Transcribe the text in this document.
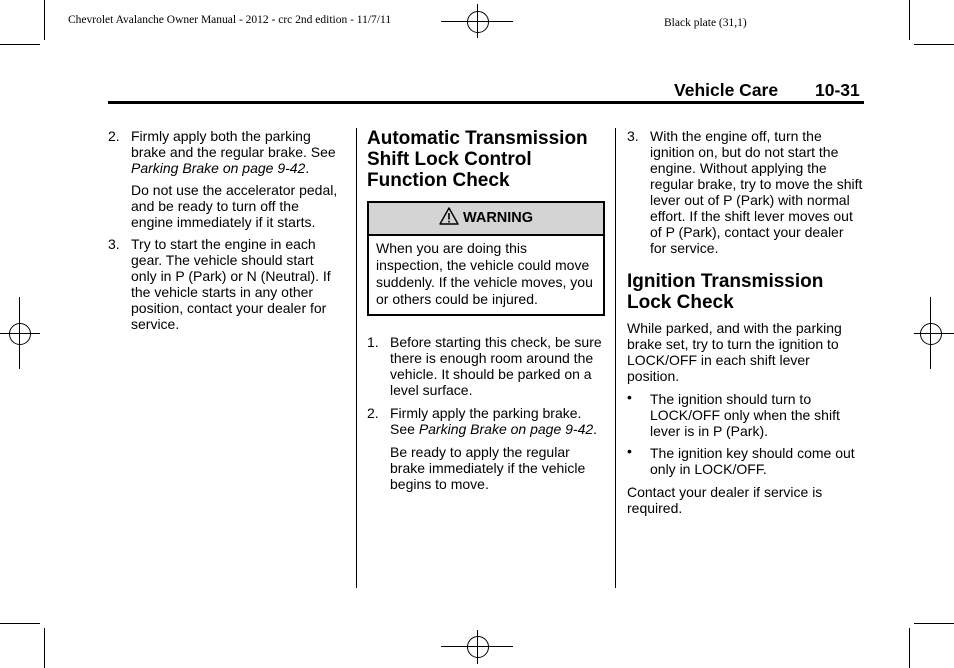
Chevrolet Avalanche Owner Manual - 2012 - crc 2nd edition - 11/7/11	Black plate (31,1)
Vehicle Care 10-31
2. Firmly apply both the parking brake and the regular brake. See Parking Brake on page 9-42.

Do not use the accelerator pedal, and be ready to turn off the engine immediately if it starts.

3. Try to start the engine in each gear. The vehicle should start only in P (Park) or N (Neutral). If the vehicle starts in any other position, contact your dealer for service.

Automatic Transmission Shift Lock Control Function Check
WARNING
When you are doing this inspection, the vehicle could move suddenly. If the vehicle moves, you or others could be injured.
1. Before starting this check, be sure there is enough room around the vehicle. It should be parked on a level surface.

2. Firmly apply the parking brake. See Parking Brake on page 9-42.

Be ready to apply the regular brake immediately if the vehicle begins to move.

3. With the engine off, turn the ignition on, but do not start the engine. Without applying the regular brake, try to move the shift lever out of P (Park) with normal effort. If the shift lever moves out of P (Park), contact your dealer for service.

Ignition Transmission Lock Check

While parked, and with the parking brake set, try to turn the ignition to LOCK/OFF in each shift lever position.

• The ignition should turn to LOCK/OFF only when the shift lever is in P (Park).

• The ignition key should come out only in LOCK/OFF.

Contact your dealer if service is required.
